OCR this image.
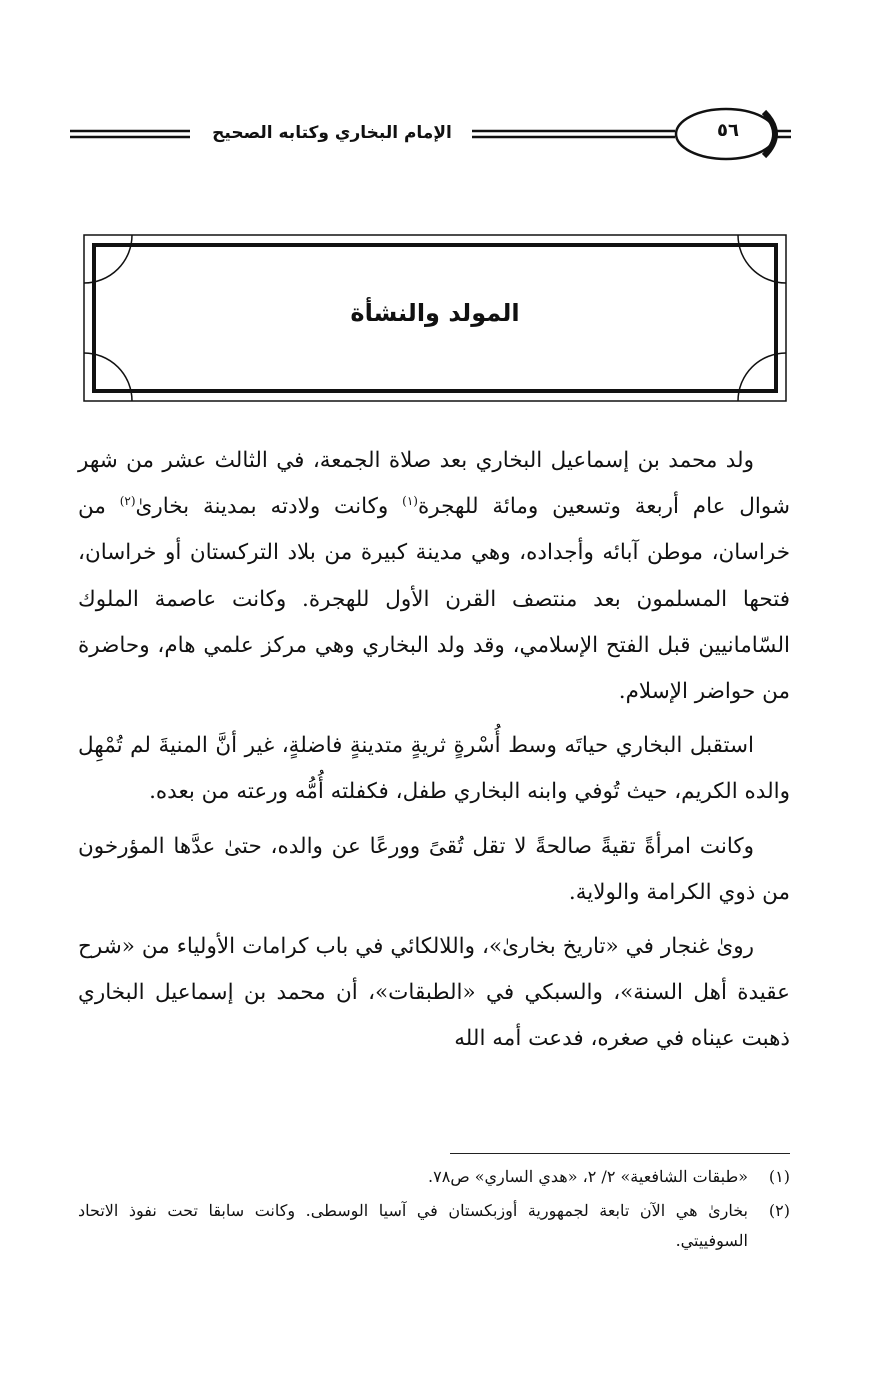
الإمام البخاري وكتابه الصحيح	٥٦
المولد والنشأة

ولد محمد بن إسماعيل البخاري بعد صلاة الجمعة، في الثالث عشر من شهر شوال عام أربعة وتسعين ومائة للهجرة$^{(١)}$ وكانت ولادته بمدينة بخارىٰ$^{(٢)}$ من خراسان، موطن آبائه وأجداده، وهي مدينة كبيرة من بلاد التركستان أو خراسان، فتحها المسلمون بعد منتصف القرن الأول للهجرة. وكانت عاصمة الملوك السّامانيين قبل الفتح الإسلامي، وقد ولد البخاري وهي مركز علمي هام، وحاضرة من حواضر الإسلام.

استقبل البخاري حياتَه وسط أُسْرةٍ ثريةٍ متدينةٍ فاضلةٍ، غير أنَّ المنيةَ لم تُمْهِل والده الكريم، حيث تُوفي وابنه البخاري طفل، فكفلته أُمُّه ورعته من بعده.

وكانت امرأةً تقيةً صالحةً لا تقل تُقىً وورعًا عن والده، حتىٰ عدَّها المؤرخون من ذوي الكرامة والولاية.

روىٰ غنجار في «تاريخ بخارىٰ»، واللالكائي في باب كرامات الأولياء من «شرح عقيدة أهل السنة»، والسبكي في «الطبقات»، أن محمد بن إسماعيل البخاري ذهبت عيناه في صغره، فدعت أمه الله

(١)
«طبقات الشافعية» ٢/ ٢، «هدي الساري» ص٧٨.
(٢)
بخارىٰ هي الآن تابعة لجمهورية أوزبكستان في آسيا الوسطى. وكانت سابقا تحت نفوذ الاتحاد السوفييتي.
